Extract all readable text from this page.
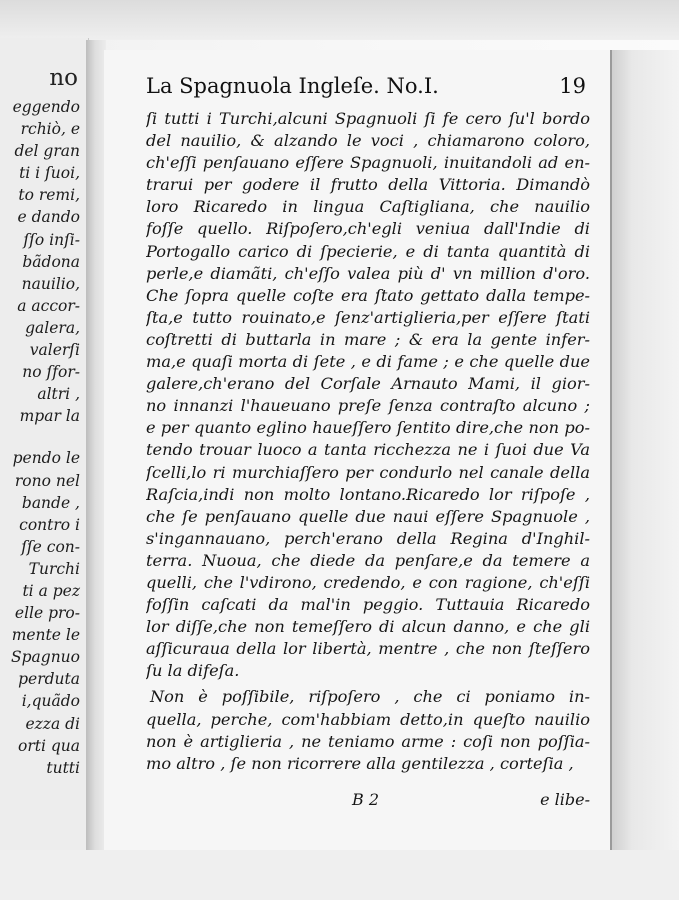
no
eggendo
rchiò, e
del gran
ti i ſuoi,
to remi,
e dando
ſſo inſi-
bãdona
nauilio,
a accor-
galera,
valerſi
no ſfor-
altri ,
mpar la
pendo le
rono nel
bande ,
contro i
ſſe con-
Turchi
ti a pez
elle pro-
mente le
Spagnuo
perduta
i,quãdo
ezza di
orti qua
tutti
La Spagnuola Ingleſe. No.I.	19
ſi tutti i Turchi,alcuni Spagnuoli ſi fe cero ſu'l bordo
del nauilio, & alzando le voci , chiamarono coloro,
ch'eſſi penſauano eſſere Spagnuoli, inuitandoli ad en-
trarui per godere il frutto della Vittoria. Dimandò
loro Ricaredo in lingua Caſtigliana, che nauilio
foſſe quello. Riſpoſero,ch'egli veniua dall'Indie di
Portogallo carico di ſpecierie, e di tanta quantità di
perle,e diamãti, ch'eſſo valea più d' vn million d'oro.
Che ſopra quelle coſte era ſtato gettato dalla tempe-
ſta,e tutto rouinato,e ſenz'artiglieria,per eſſere ſtati
coſtretti di buttarla in mare ; & era la gente infer-
ma,e quaſi morta di ſete , e di fame ; e che quelle due
galere,ch'erano del Corſale Arnauto Mami, il gior-
no innanzi l'haueuano preſe ſenza contraſto alcuno ;
e per quanto eglino haueſſero ſentito dire,che non po-
tendo trouar luoco a tanta ricchezza ne i ſuoi due Va
ſcelli,lo ri murchiaſſero per condurlo nel canale della
Raſcia,indi non molto lontano.Ricaredo lor riſpoſe ,
che ſe penſauano quelle due naui eſſere Spagnuole ,
s'ingannauano, perch'erano della Regina d'Inghil-
terra. Nuoua, che diede da penſare,e da temere a
quelli, che l'vdirono, credendo, e con ragione, ch'eſſi
foſſin caſcati da mal'in peggio. Tuttauia Ricaredo
lor diſſe,che non temeſſero di alcun danno, e che gli
aſſicuraua della lor libertà, mentre , che non ſteſſero
ſu la difeſa.
Non è poſſibile, riſpoſero , che ci poniamo in-
quella, perche, com'habbiam detto,in queſto nauilio
non è artiglieria , ne teniamo arme : coſi non poſſia-
mo altro , ſe non ricorrere alla gentilezza , corteſia ,
B 2	e libe-
